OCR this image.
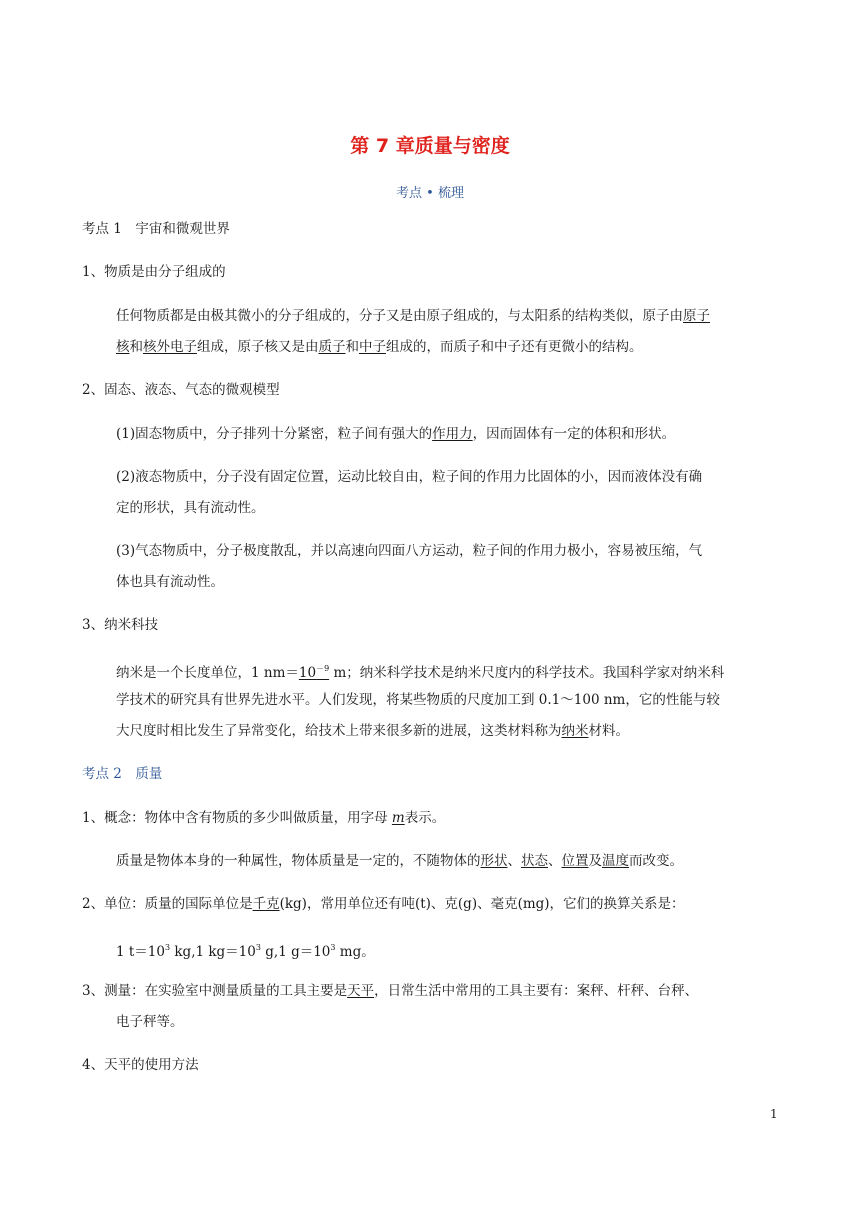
第 7 章质量与密度
考点 • 梳理
考点 1　宇宙和微观世界
1、物质是由分子组成的
任何物质都是由极其微小的分子组成的，分子又是由原子组成的，与太阳系的结构类似，原子由原子
核和核外电子组成，原子核又是由质子和中子组成的，而质子和中子还有更微小的结构。
2、固态、液态、气态的微观模型
(1)固态物质中，分子排列十分紧密，粒子间有强大的作用力，因而固体有一定的体积和形状。
(2)液态物质中，分子没有固定位置，运动比较自由，粒子间的作用力比固体的小，因而液体没有确
定的形状，具有流动性。
(3)气态物质中，分子极度散乱，并以高速向四面八方运动，粒子间的作用力极小，容易被压缩，气
体也具有流动性。
3、纳米科技
纳米是一个长度单位，1 $nm=10^{-9}$ m；纳米科学技术是纳米尺度内的科学技术。我国科学家对纳米科
学技术的研究具有世界先进水平。人们发现，将某些物质的尺度加工到 0.1～100 nm，它的性能与较
大尺度时相比发生了异常变化，给技术上带来很多新的进展，这类材料称为纳米材料。
考点 2　质量
1、概念：物体中含有物质的多少叫做质量，用字母 m表示。
质量是物体本身的一种属性，物体质量是一定的，不随物体的形状、状态、位置及温度而改变。
2、单位：质量的国际单位是千克(kg)，常用单位还有吨(t)、克(g)、毫克(mg)，它们的换算关系是：
1 $t=10^3$ kg,1 $kg=10^3$ g,1 $g=10^3$ mg。
3、测量：在实验室中测量质量的工具主要是天平，日常生活中常用的工具主要有：案秤、杆秤、台秤、
电子秤等。
4、天平的使用方法
1
